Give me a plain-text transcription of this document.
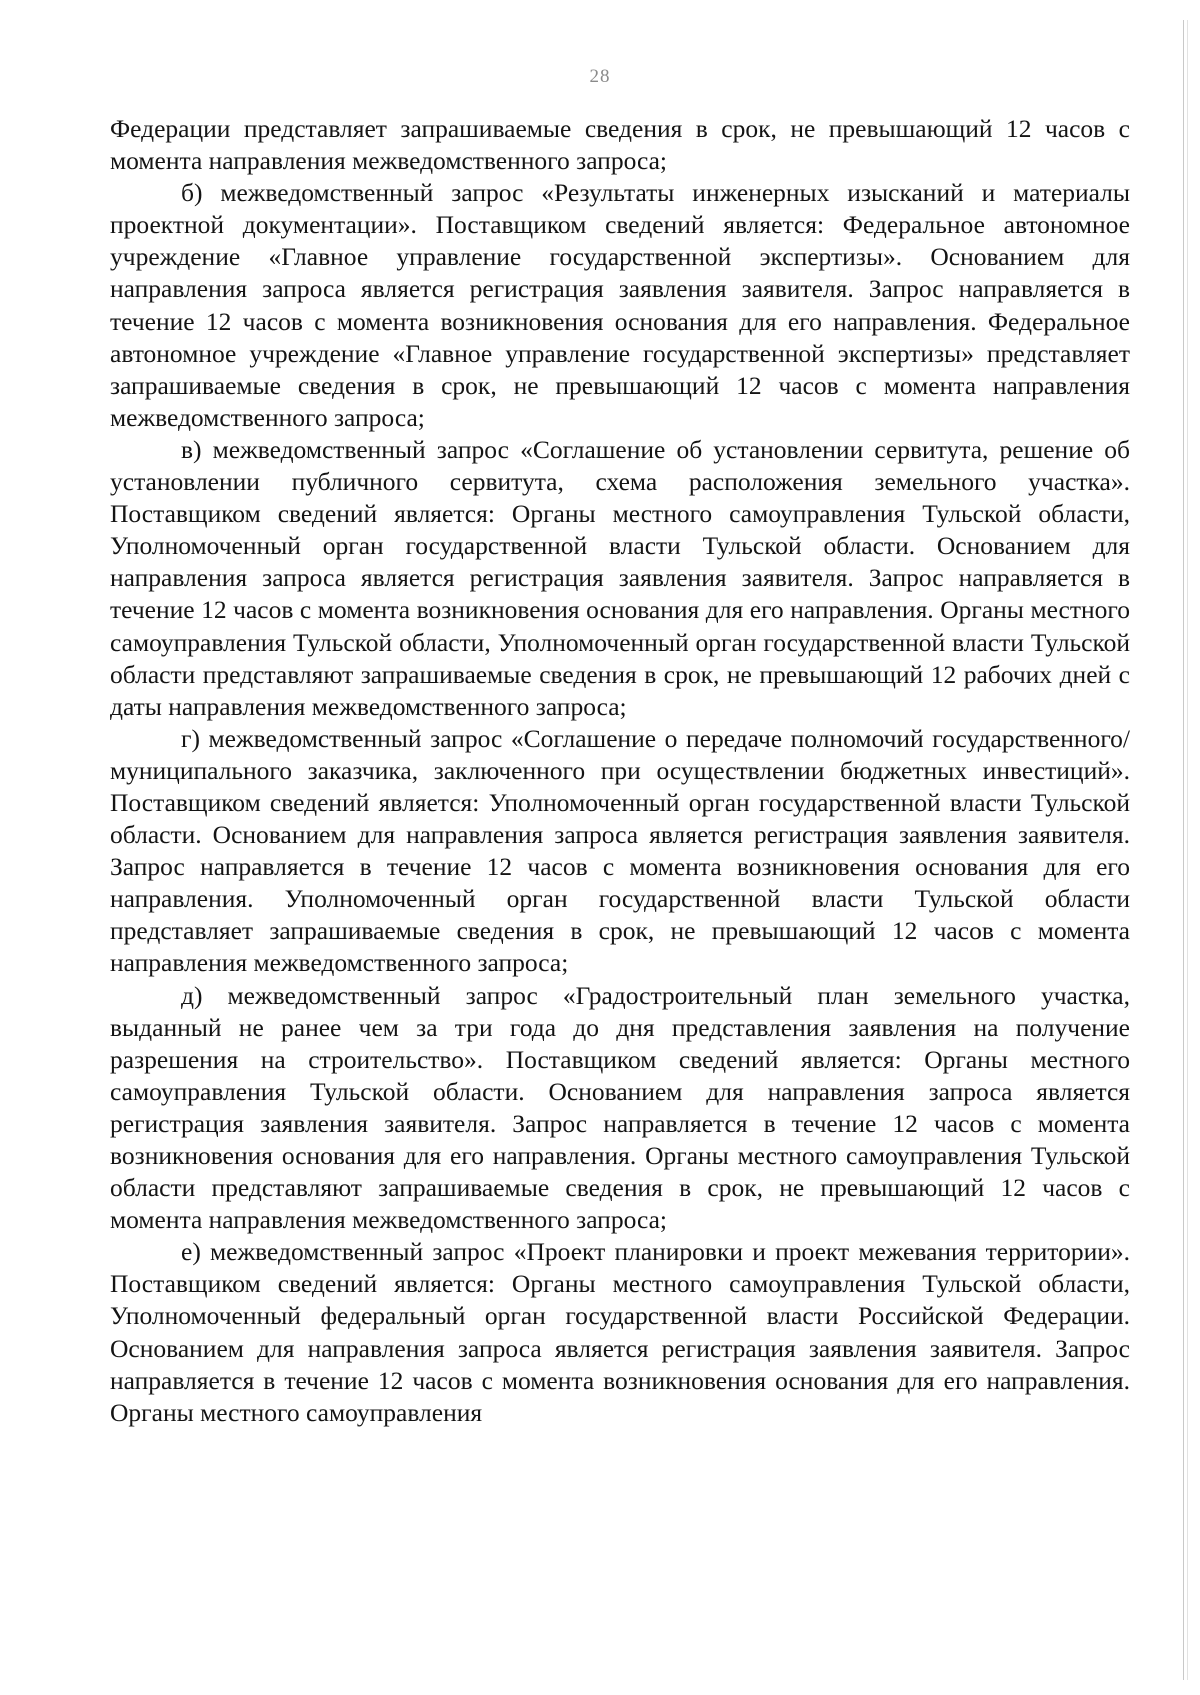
28

Федерации представляет запрашиваемые сведения в срок, не превышающий 12 часов с момента направления межведомственного запроса;

б) межведомственный запрос «Результаты инженерных изысканий и материалы проектной документации». Поставщиком сведений является: Федеральное автономное учреждение «Главное управление государственной экспертизы». Основанием для направления запроса является регистрация заявления заявителя. Запрос направляется в течение 12 часов с момента возникновения основания для его направления. Федеральное автономное учреждение «Главное управление государственной экспертизы» представляет запрашиваемые сведения в срок, не превышающий 12 часов с момента направления межведомственного запроса;

в) межведомственный запрос «Соглашение об установлении сервитута, решение об установлении публичного сервитута, схема расположения земельного участка». Поставщиком сведений является: Органы местного самоуправления Тульской области, Уполномоченный орган государственной власти Тульской области. Основанием для направления запроса является регистрация заявления заявителя. Запрос направляется в течение 12 часов с момента возникновения основания для его направления. Органы местного самоуправления Тульской области, Уполномоченный орган государственной власти Тульской области представляют запрашиваемые сведения в срок, не превышающий 12 рабочих дней с даты направления межведомственного запроса;

г) межведомственный запрос «Соглашение о передаче полномочий государственного/ муниципального заказчика, заключенного при осуществлении бюджетных инвестиций». Поставщиком сведений является: Уполномоченный орган государственной власти Тульской области. Основанием для направления запроса является регистрация заявления заявителя. Запрос направляется в течение 12 часов с момента возникновения основания для его направления. Уполномоченный орган государственной власти Тульской области представляет запрашиваемые сведения в срок, не превышающий 12 часов с момента направления межведомственного запроса;

д) межведомственный запрос «Градостроительный план земельного участка, выданный не ранее чем за три года до дня представления заявления на получение разрешения на строительство». Поставщиком сведений является: Органы местного самоуправления Тульской области. Основанием для направления запроса является регистрация заявления заявителя. Запрос направляется в течение 12 часов с момента возникновения основания для его направления. Органы местного самоуправления Тульской области представляют запрашиваемые сведения в срок, не превышающий 12 часов с момента направления межведомственного запроса;

е) межведомственный запрос «Проект планировки и проект межевания территории». Поставщиком сведений является: Органы местного самоуправления Тульской области, Уполномоченный федеральный орган государственной власти Российской Федерации. Основанием для направления запроса является регистрация заявления заявителя. Запрос направляется в течение 12 часов с момента возникновения основания для его направления. Органы местного самоуправления
